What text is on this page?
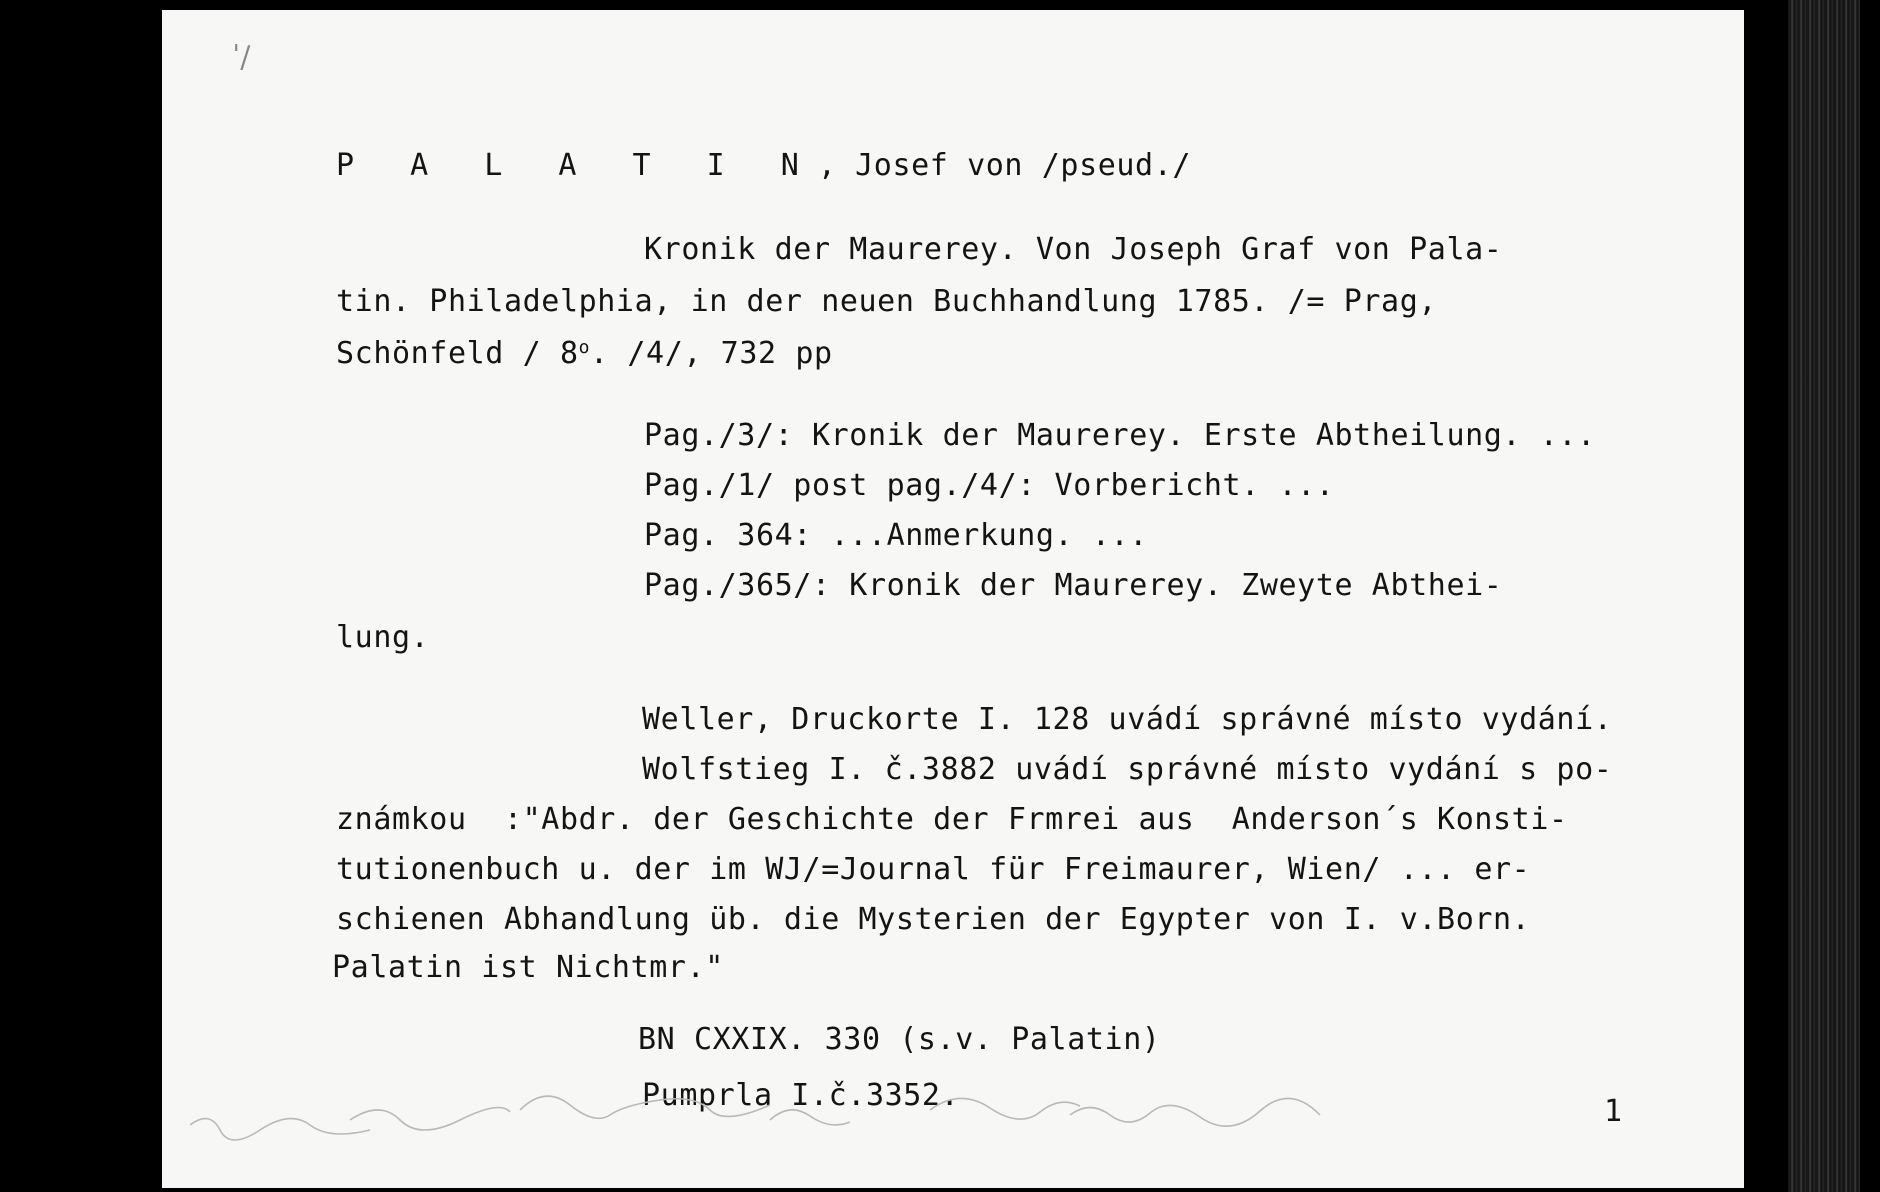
ˈ/
P A L A T I N, Josef von /pseud./
Kronik der Maurerey. Von Joseph Graf von Pala-
tin. Philadelphia, in der neuen Buchhandlung 1785. /= Prag,
Schönfeld / 8$^o$. /4/, 732 pp
Pag./3/: Kronik der Maurerey. Erste Abtheilung. ...
Pag./1/ post pag./4/: Vorbericht. ...
Pag. 364: ...Anmerkung. ...
Pag./365/: Kronik der Maurerey. Zweyte Abthei-
lung.
Weller, Druckorte I. 128 uvádí správné místo vydání.
Wolfstieg I. č.3882 uvádí správné místo vydání s po-
známkou  :"Abdr. der Geschichte der Frmrei aus  Anderson´s Konsti-
tutionenbuch u. der im WJ/=Journal für Freimaurer, Wien/ ... er-
schienen Abhandlung üb. die Mysterien der Egypter von I. v.Born.
Palatin ist Nichtmr."
BN CXXIX. 330 (s.v. Palatin)
Pumprla I.č.3352.	1
